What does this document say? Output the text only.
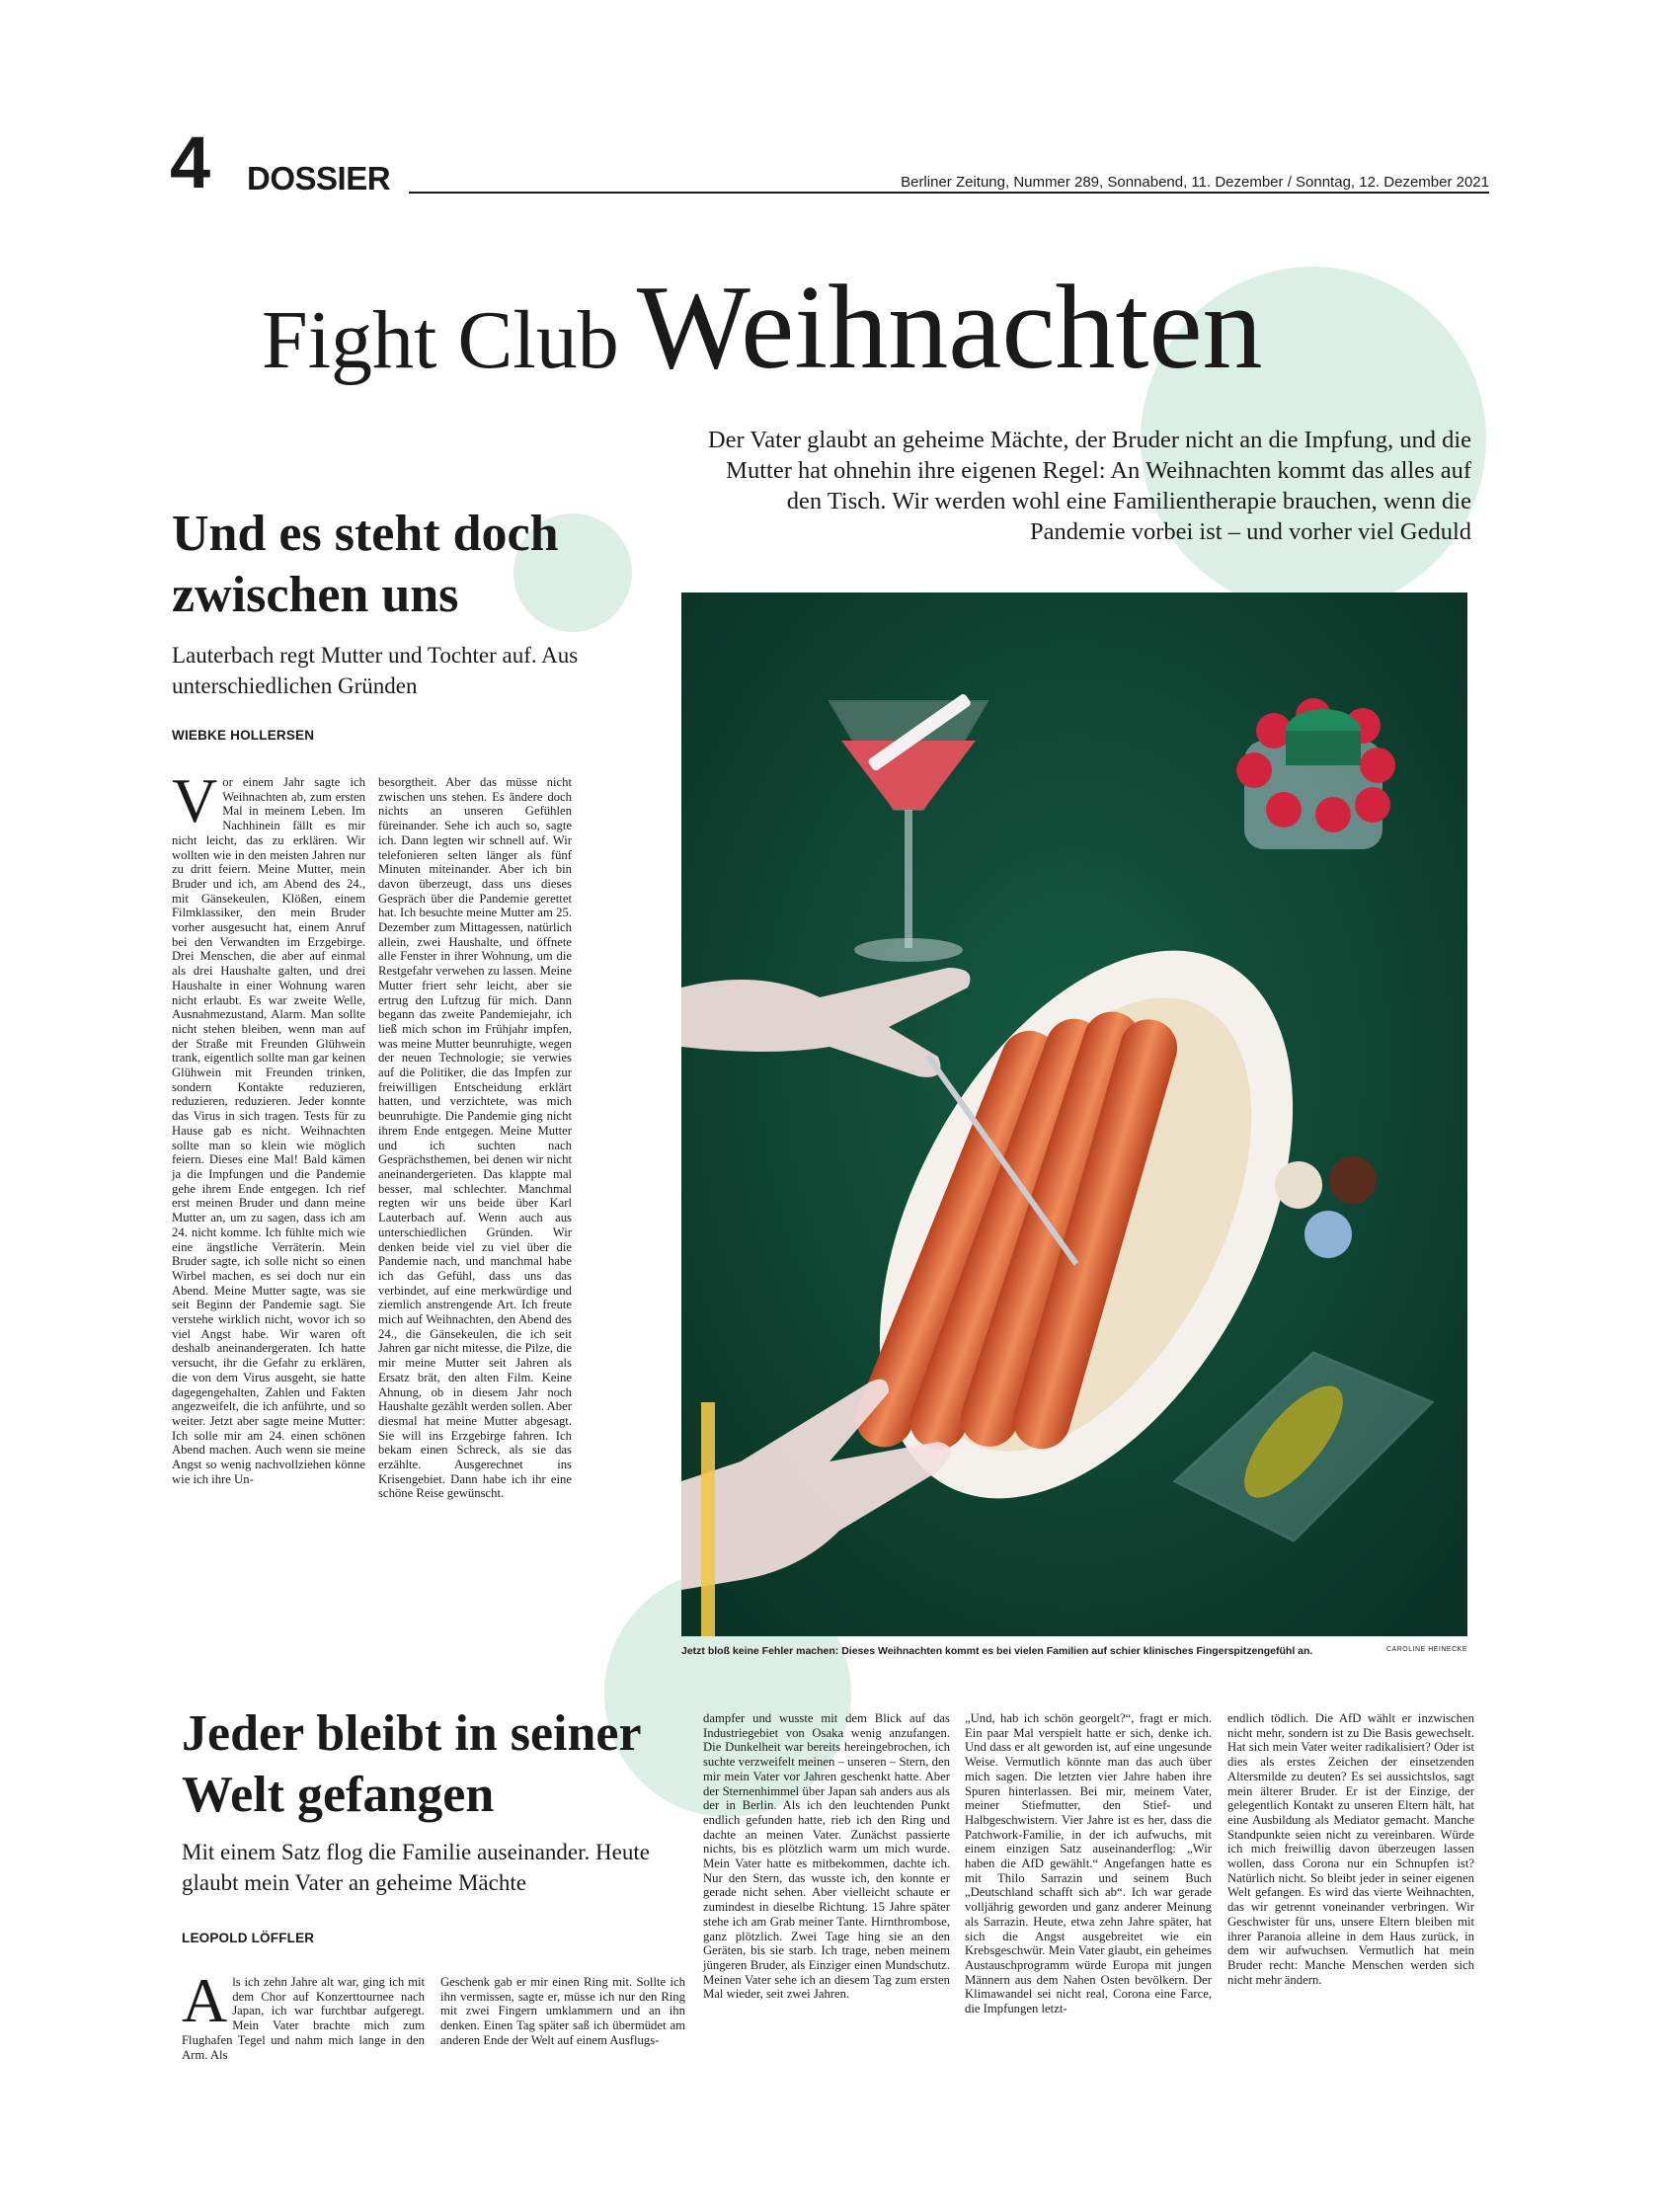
4 DOSSIER	Berliner Zeitung, Nummer 289, Sonnabend, 11. Dezember / Sonntag, 12. Dezember 2021
Fight Club Weihnachten

Der Vater glaubt an geheime Mächte, der Bruder nicht an die Impfung, und die Mutter hat ohnehin ihre eigenen Regel: An Weihnachten kommt das alles auf den Tisch. Wir werden wohl eine Familientherapie brauchen, wenn die Pandemie vorbei ist – und vorher viel Geduld

Und es steht doch zwischen uns

Lauterbach regt Mutter und Tochter auf. Aus unterschiedlichen Gründen

WIEBKE HOLLERSEN
V or einem Jahr sagte ich Weihnachten ab, zum ersten Mal in meinem Leben. Im Nachhinein fällt es mir nicht leicht, das zu erklären. Wir wollten wie in den meisten Jahren nur zu dritt feiern. Meine Mutter, mein Bruder und ich, am Abend des 24., mit Gänsekeulen, Klößen, einem Filmklassiker, den mein Bruder vorher ausgesucht hat, einem Anruf bei den Verwandten im Erzgebirge. Drei Menschen, die aber auf einmal als drei Haushalte galten, und drei Haushalte in einer Wohnung waren nicht erlaubt. Es war zweite Welle, Ausnahmezustand, Alarm. Man sollte nicht stehen bleiben, wenn man auf der Straße mit Freunden Glühwein trank, eigentlich sollte man gar keinen Glühwein mit Freunden trinken, sondern Kontakte reduzieren, reduzieren, reduzieren. Jeder konnte das Virus in sich tragen. Tests für zu Hause gab es nicht. Weihnachten sollte man so klein wie möglich feiern. Dieses eine Mal! Bald kämen ja die Impfungen und die Pandemie gehe ihrem Ende entgegen. Ich rief erst meinen Bruder und dann meine Mutter an, um zu sagen, dass ich am 24. nicht komme. Ich fühlte mich wie eine ängstliche Verräterin. Mein Bruder sagte, ich solle nicht so einen Wirbel machen, es sei doch nur ein Abend. Meine Mutter sagte, was sie seit Beginn der Pandemie sagt. Sie verstehe wirklich nicht, wovor ich so viel Angst habe. Wir waren oft deshalb aneinandergeraten. Ich hatte versucht, ihr die Gefahr zu erklären, die von dem Virus ausgeht, sie hatte dagegengehalten, Zahlen und Fakten angezweifelt, die ich anführte, und so weiter. Jetzt aber sagte meine Mutter: Ich solle mir am 24. einen schönen Abend machen. Auch wenn sie meine Angst so wenig nachvollziehen könne wie ich ihre Un-
besorgtheit. Aber das müsse nicht zwischen uns stehen. Es ändere doch nichts an unseren Gefühlen füreinander. Sehe ich auch so, sagte ich. Dann legten wir schnell auf. Wir telefonieren selten länger als fünf Minuten miteinander. Aber ich bin davon überzeugt, dass uns dieses Gespräch über die Pandemie gerettet hat. Ich besuchte meine Mutter am 25. Dezember zum Mittagessen, natürlich allein, zwei Haushalte, und öffnete alle Fenster in ihrer Wohnung, um die Restgefahr verwehen zu lassen. Meine Mutter friert sehr leicht, aber sie ertrug den Luftzug für mich. Dann begann das zweite Pandemiejahr, ich ließ mich schon im Frühjahr impfen, was meine Mutter beunruhigte, wegen der neuen Technologie; sie verwies auf die Politiker, die das Impfen zur freiwilligen Entscheidung erklärt hatten, und verzichtete, was mich beunruhigte. Die Pandemie ging nicht ihrem Ende entgegen. Meine Mutter und ich suchten nach Gesprächsthemen, bei denen wir nicht aneinandergerieten. Das klappte mal besser, mal schlechter. Manchmal regten wir uns beide über Karl Lauterbach auf. Wenn auch aus unterschiedlichen Gründen. Wir denken beide viel zu viel über die Pandemie nach, und manchmal habe ich das Gefühl, dass uns das verbindet, auf eine merkwürdige und ziemlich anstrengende Art. Ich freute mich auf Weihnachten, den Abend des 24., die Gänsekeulen, die ich seit Jahren gar nicht mitesse, die Pilze, die mir meine Mutter seit Jahren als Ersatz brät, den alten Film. Keine Ahnung, ob in diesem Jahr noch Haushalte gezählt werden sollen. Aber diesmal hat meine Mutter abgesagt. Sie will ins Erzgebirge fahren. Ich bekam einen Schreck, als sie das erzählte. Ausgerechnet ins Krisengebiet. Dann habe ich ihr eine schöne Reise gewünscht.
Jetzt bloß keine Fehler machen: Dieses Weihnachten kommt es bei vielen Familien auf schier klinisches Fingerspitzengefühl an.	CAROLINE HEINECKE
Jeder bleibt in seiner Welt gefangen

Mit einem Satz flog die Familie auseinander. Heute glaubt mein Vater an geheime Mächte

LEOPOLD LÖFFLER
A ls ich zehn Jahre alt war, ging ich mit dem Chor auf Konzerttournee nach Japan, ich war furchtbar aufgeregt. Mein Vater brachte mich zum Flughafen Tegel und nahm mich lange in den Arm. Als
Geschenk gab er mir einen Ring mit. Sollte ich ihn vermissen, sagte er, müsse ich nur den Ring mit zwei Fingern umklammern und an ihn denken. Einen Tag später saß ich übermüdet am anderen Ende der Welt auf einem Ausflugs-
dampfer und wusste mit dem Blick auf das Industriegebiet von Osaka wenig anzufangen. Die Dunkelheit war bereits hereingebrochen, ich suchte verzweifelt meinen – unseren – Stern, den mir mein Vater vor Jahren geschenkt hatte. Aber der Sternenhimmel über Japan sah anders aus als der in Berlin. Als ich den leuchtenden Punkt endlich gefunden hatte, rieb ich den Ring und dachte an meinen Vater. Zunächst passierte nichts, bis es plötzlich warm um mich wurde. Mein Vater hatte es mitbekommen, dachte ich. Nur den Stern, das wusste ich, den konnte er gerade nicht sehen. Aber vielleicht schaute er zumindest in dieselbe Richtung. 15 Jahre später stehe ich am Grab meiner Tante. Hirnthrombose, ganz plötzlich. Zwei Tage hing sie an den Geräten, bis sie starb. Ich trage, neben meinem jüngeren Bruder, als Einziger einen Mundschutz. Meinen Vater sehe ich an diesem Tag zum ersten Mal wieder, seit zwei Jahren.
„Und, hab ich schön georgelt?“, fragt er mich. Ein paar Mal verspielt hatte er sich, denke ich. Und dass er alt geworden ist, auf eine ungesunde Weise. Vermutlich könnte man das auch über mich sagen. Die letzten vier Jahre haben ihre Spuren hinterlassen. Bei mir, meinem Vater, meiner Stiefmutter, den Stief- und Halbgeschwistern. Vier Jahre ist es her, dass die Patchwork-Familie, in der ich aufwuchs, mit einem einzigen Satz auseinanderflog: „Wir haben die AfD gewählt.“ Angefangen hatte es mit Thilo Sarrazin und seinem Buch „Deutschland schafft sich ab“. Ich war gerade volljährig geworden und ganz anderer Meinung als Sarrazin. Heute, etwa zehn Jahre später, hat sich die Angst ausgebreitet wie ein Krebsgeschwür. Mein Vater glaubt, ein geheimes Austauschprogramm würde Europa mit jungen Männern aus dem Nahen Osten bevölkern. Der Klimawandel sei nicht real, Corona eine Farce, die Impfungen letzt-
endlich tödlich. Die AfD wählt er inzwischen nicht mehr, sondern ist zu Die Basis gewechselt. Hat sich mein Vater weiter radikalisiert? Oder ist dies als erstes Zeichen der einsetzenden Altersmilde zu deuten? Es sei aussichtslos, sagt mein älterer Bruder. Er ist der Einzige, der gelegentlich Kontakt zu unseren Eltern hält, hat eine Ausbildung als Mediator gemacht. Manche Standpunkte seien nicht zu vereinbaren. Würde ich mich freiwillig davon überzeugen lassen wollen, dass Corona nur ein Schnupfen ist? Natürlich nicht. So bleibt jeder in seiner eigenen Welt gefangen. Es wird das vierte Weihnachten, das wir getrennt voneinander verbringen. Wir Geschwister für uns, unsere Eltern bleiben mit ihrer Paranoia alleine in dem Haus zurück, in dem wir aufwuchsen. Vermutlich hat mein Bruder recht: Manche Menschen werden sich nicht mehr ändern.
